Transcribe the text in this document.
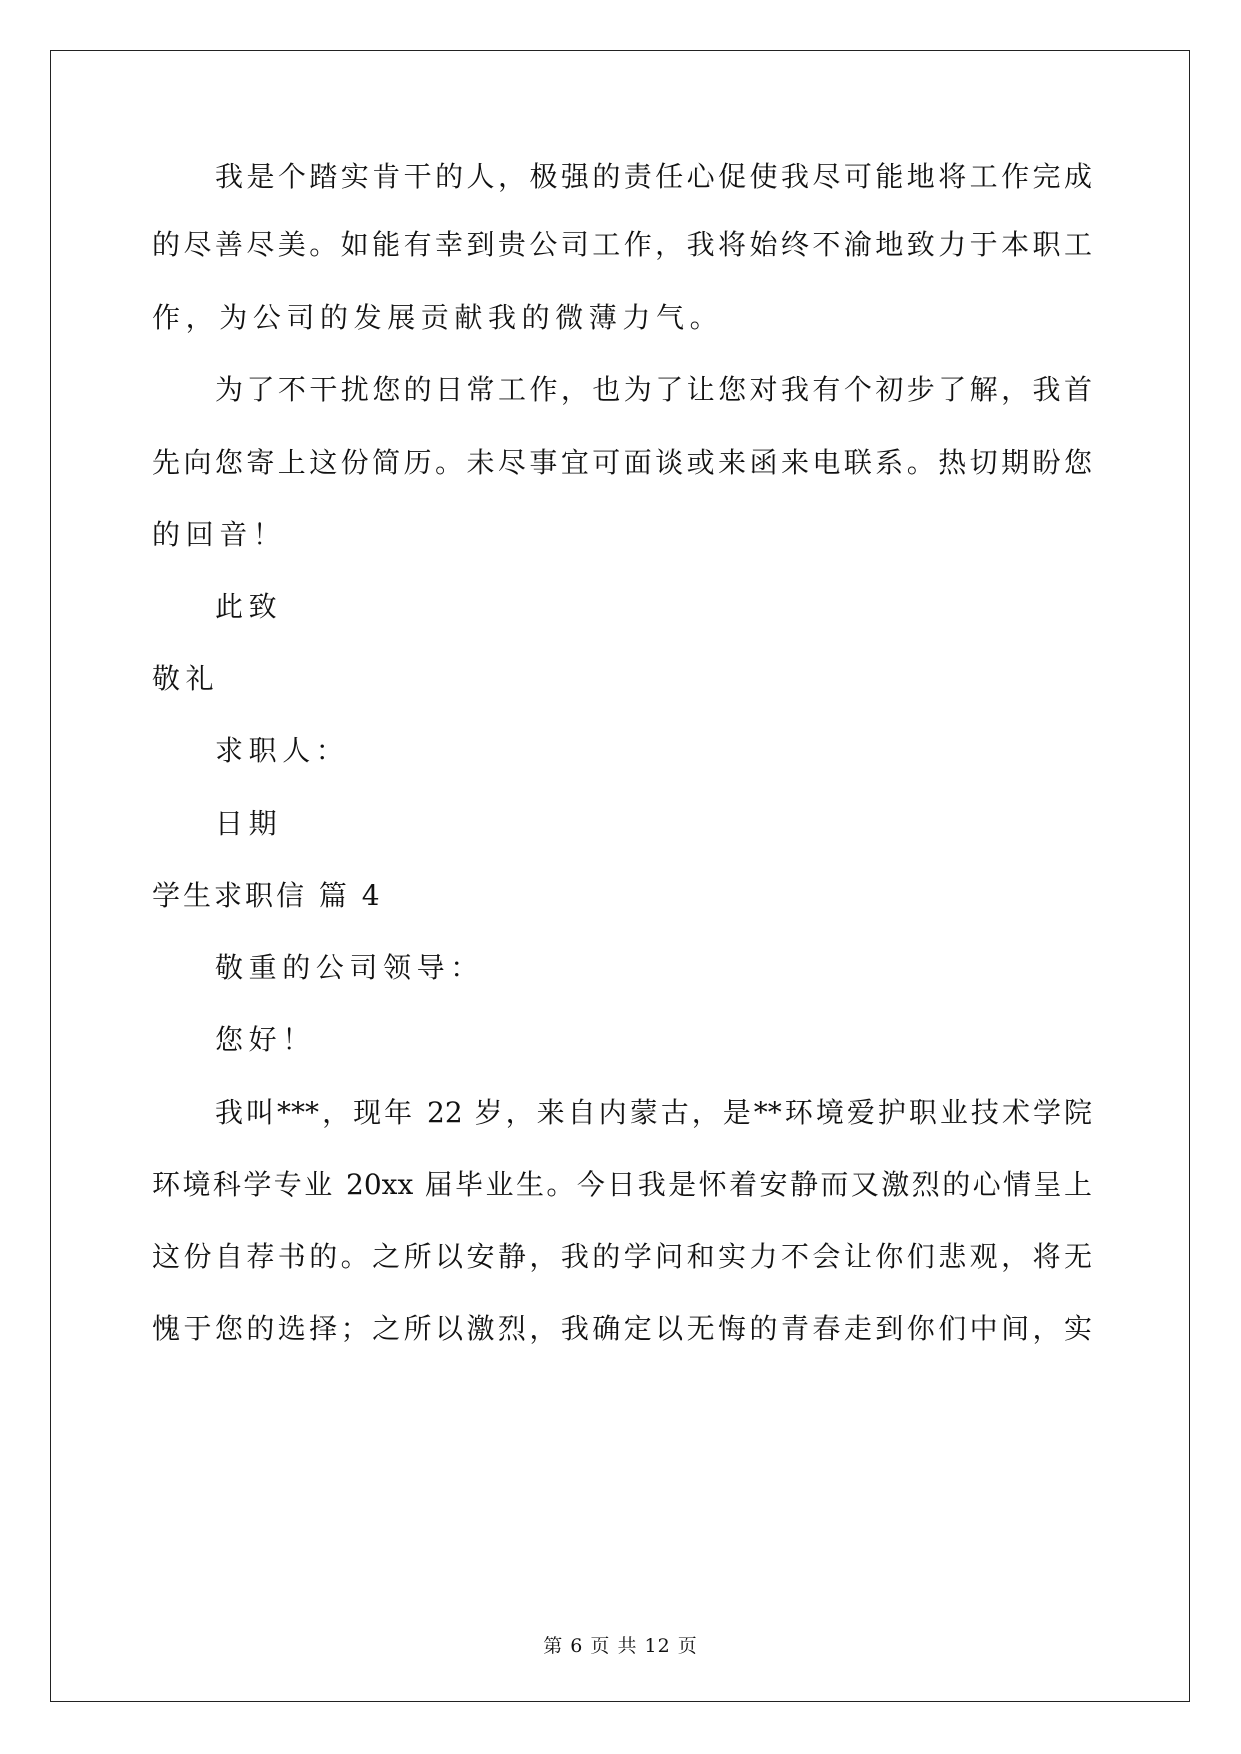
我是个踏实肯干的人，极强的责任心促使我尽可能地将工作完成
的尽善尽美。如能有幸到贵公司工作，我将始终不渝地致力于本职工
作，为公司的发展贡献我的微薄力气。
为了不干扰您的日常工作，也为了让您对我有个初步了解，我首
先向您寄上这份简历。未尽事宜可面谈或来函来电联系。热切期盼您
的回音！
此致
敬礼
求职人：
日期
学生求职信 篇 4
敬重的公司领导：
您好！
我叫***，现年 22 岁，来自内蒙古，是**环境爱护职业技术学院
环境科学专业 20xx 届毕业生。今日我是怀着安静而又激烈的心情呈上
这份自荐书的。之所以安静，我的学问和实力不会让你们悲观，将无
愧于您的选择；之所以激烈，我确定以无悔的青春走到你们中间，实
第 6 页 共 12 页
